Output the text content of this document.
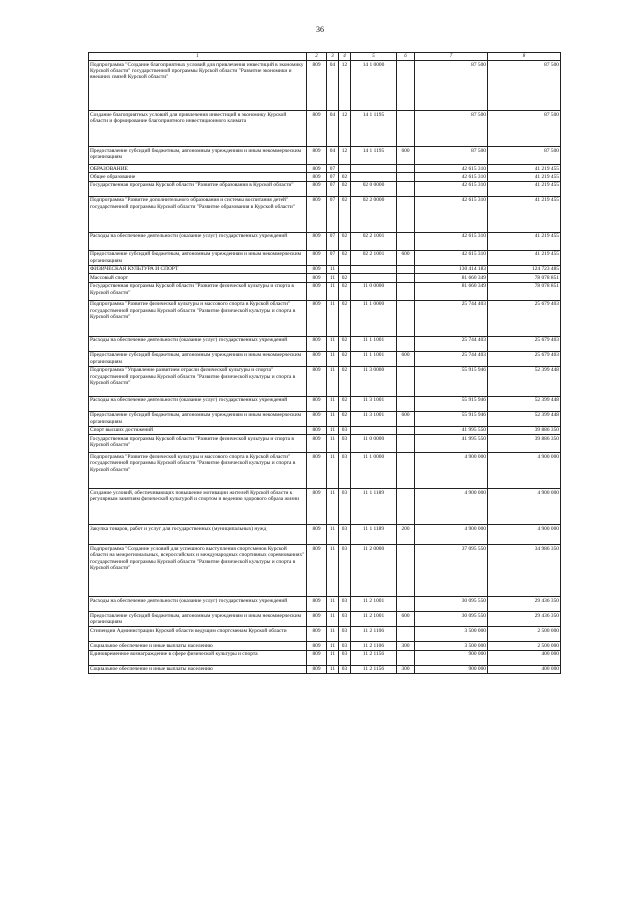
36
1	2	3	4	5	6	7	8
Подпрограмма "Создание благоприятных условий для привлечения инвестиций в экономику Курской области" государственной программы Курской области "Развитие экономики и внешних связей Курской области"	809	04	12	14 1 0000		87 500	87 500
Создание благоприятных условий для привлечения инвестиций в экономику Курской области и формирование благоприятного инвестиционного климата	809	04	12	14 1 1195		87 500	87 500
Предоставление субсидий бюджетным, автономным учреждениям и иным некоммерческим организациям	809	04	12	14 1 1195	600	87 500	87 500
ОБРАЗОВАНИЕ	809	07				42 615 310	41 219 455
Общее образование	809	07	02			42 615 310	41 219 455
Государственная программа Курской области "Развитие образования в Курской области"	809	07	02	02 0 0000		42 615 310	41 219 455
Подпрограмма "Развитие дополнительного образования и системы воспитания детей" государственной программы Курской области "Развитие образования в Курской области"	809	07	02	02 2 0000		42 615 310	41 219 455
Расходы на обеспечение деятельности (оказание услуг) государственных учреждений	809	07	02	02 2 1001		42 615 310	41 219 455
Предоставление субсидий бюджетным, автономным учреждениям и иным некоммерческим организациям	809	07	02	02 2 1001	600	42 615 310	41 219 455
ФИЗИЧЕСКАЯ КУЛЬТУРА И СПОРТ	809	11				130 414 183	124 723 485
Массовый спорт	809	11	02			81 660 349	78 078 851
Государственная программа Курской области "Развитие физической культуры и спорта в Курской области"	809	11	02	11 0 0000		81 660 349	78 078 851
Подпрограмма "Развитие физической культуры и массового спорта в Курской области" государственной программы Курской области "Развитие физической культуры и спорта в Курской области"	809	11	02	11 1 0000		25 744 403	25 679 403
Расходы на обеспечение деятельности (оказание услуг) государственных учреждений	809	11	02	11 1 1001		25 744 403	25 679 403
Предоставление субсидий бюджетным, автономным учреждениям и иным некоммерческим организациям	809	11	02	11 1 1001	600	25 744 403	25 679 403
Подпрограмма "Управление развитием отрасли физической культуры и спорта" государственной программы Курской области "Развитие физической культуры и спорта в Курской области"	809	11	02	11 3 0000		55 915 946	52 399 448
Расходы на обеспечение деятельности (оказание услуг) государственных учреждений	809	11	02	11 3 1001		55 915 946	52 399 448
Предоставление субсидий бюджетным, автономным учреждениям и иным некоммерческим организациям	809	11	02	11 3 1001	600	55 915 946	52 399 448
Спорт высших достижений	809	11	03			41 995 550	39 886 350
Государственная программа Курской области "Развитие физической культуры и спорта в Курской области"	809	11	03	11 0 0000		41 995 550	39 886 350
Подпрограмма "Развитие физической культуры и массового спорта в Курской области" государственной программы Курской области "Развитие физической культуры и спорта в Курской области"	809	11	03	11 1 0000		4 900 000	4 900 000
Создание условий, обеспечивающих повышение мотивации жителей Курской области к регулярным занятиям физической культурой и спортом и ведению здорового образа жизни	809	11	03	11 1 1189		4 900 000	4 900 000
Закупка товаров, работ и услуг для государственных (муниципальных) нужд	809	11	03	11 1 1189	200	4 900 000	4 900 000
Подпрограмма "Создание условий для успешного выступления спортсменов Курской области на межрегиональных, всероссийских и международных спортивных соревнованиях" государственной программы Курской области "Развитие физической культуры и спорта в Курской области"	809	11	03	11 2 0000		37 095 550	34 986 350
Расходы на обеспечение деятельности (оказание услуг) государственных учреждений	809	11	03	11 2 1001		30 095 550	29 436 350
Предоставление субсидий бюджетным, автономным учреждениям и иным некоммерческим организациям	809	11	03	11 2 1001	600	30 095 550	29 436 350
Стипендии Администрации Курской области ведущим спортсменам Курской области	809	11	03	11 2 1106		3 500 000	2 500 000
Социальное обеспечение и иные выплаты населению	809	11	03	11 2 1106	300	3 500 000	2 500 000
Единовременное вознаграждение в сфере физической культуры и спорта	809	11	03	11 2 1156		900 000	400 000
Социальное обеспечение и иные выплаты населению	809	11	03	11 2 1156	300	900 000	400 000
